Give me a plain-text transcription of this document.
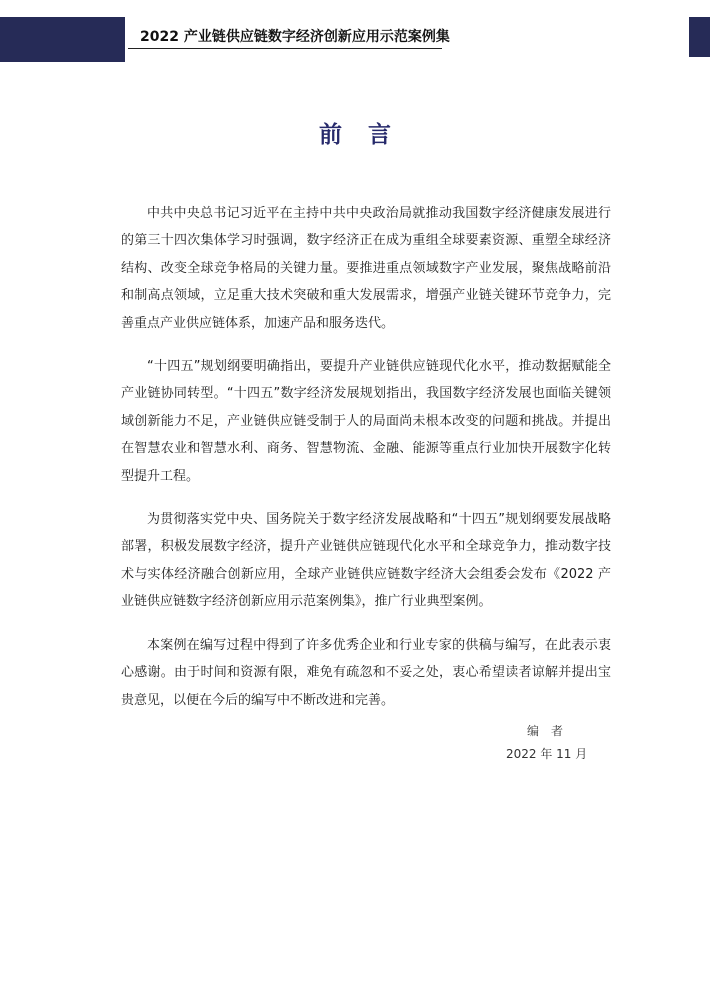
2022 产业链供应链数字经济创新应用示范案例集
前言

中共中央总书记习近平在主持中共中央政治局就推动我国数字经济健康发展进行的第三十四次集体学习时强调，数字经济正在成为重组全球要素资源、重塑全球经济结构、改变全球竞争格局的关键力量。要推进重点领域数字产业发展，聚焦战略前沿和制高点领域，立足重大技术突破和重大发展需求，增强产业链关键环节竞争力，完善重点产业供应链体系，加速产品和服务迭代。

“十四五”规划纲要明确指出，要提升产业链供应链现代化水平，推动数据赋能全产业链协同转型。“十四五”数字经济发展规划指出，我国数字经济发展也面临关键领域创新能力不足，产业链供应链受制于人的局面尚未根本改变的问题和挑战。并提出在智慧农业和智慧水利、商务、智慧物流、金融、能源等重点行业加快开展数字化转型提升工程。

为贯彻落实党中央、国务院关于数字经济发展战略和“十四五”规划纲要发展战略部署，积极发展数字经济，提升产业链供应链现代化水平和全球竞争力，推动数字技术与实体经济融合创新应用，全球产业链供应链数字经济大会组委会发布《2022 产业链供应链数字经济创新应用示范案例集》，推广行业典型案例。

本案例在编写过程中得到了许多优秀企业和行业专家的供稿与编写，在此表示衷心感谢。由于时间和资源有限，难免有疏忽和不妥之处，衷心希望读者谅解并提出宝贵意见，以便在今后的编写中不断改进和完善。

编者
2022 年 11 月
